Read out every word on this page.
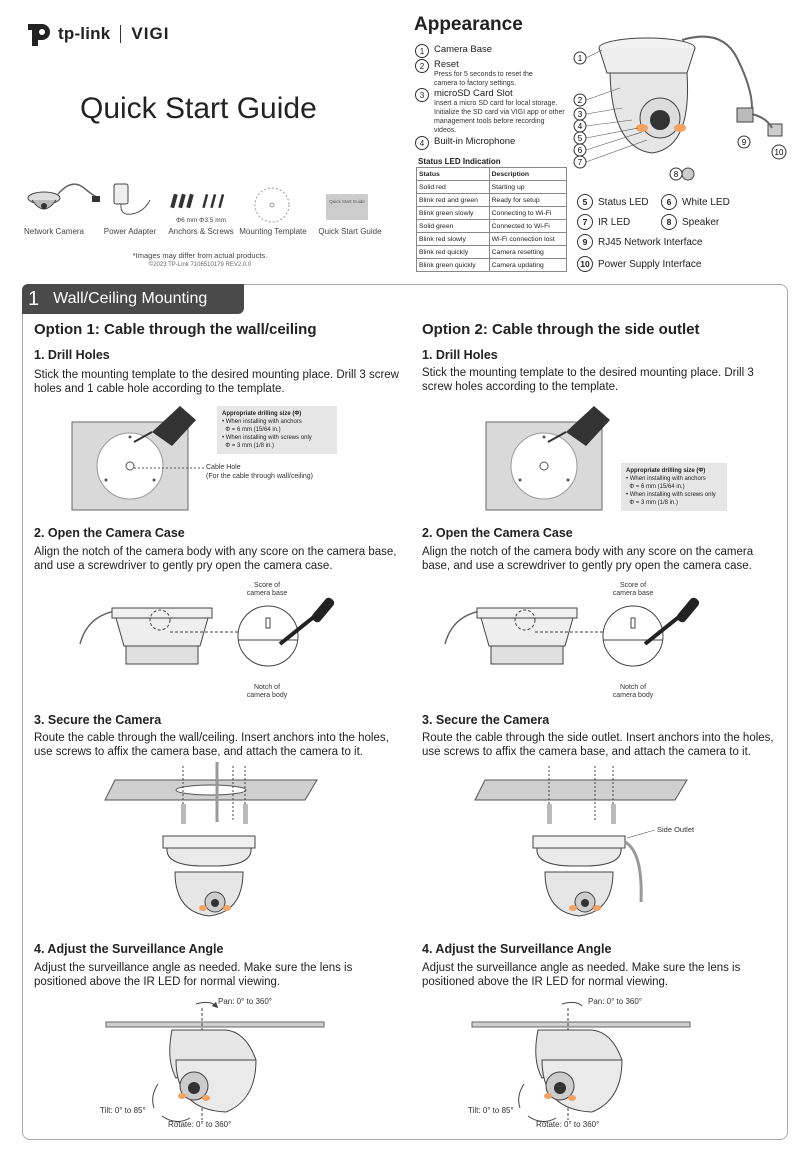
tp-link VIGI
Quick Start Guide
Network Camera	Power Adapter
Φ6 mm Φ3.5 mm
Anchors & Screws Mounting Template
Quick Start Guide
Quick Start Guide
*Images may differ from actual products.
©2023 TP-Link 7106510179 REV2.0.0
Appearance
1	Camera Base
2	Reset
Press for 5 seconds to reset the camera to factory settings.
3	microSD Card Slot
Insert a micro SD card for local storage. Initialize the SD card via VIGI app or other management tools before recording videos.
4	Built-in Microphone
Status LED Indication
Status	Description
Solid red	Starting up
Blink red and green	Ready for setup
Blink green slowly	Connecting to Wi-Fi
Solid green	Connected to Wi-Fi
Blink red slowly	Wi-Fi connection lost
Blink red quickly	Camera resetting
Blink green quickly	Camera updating
1
2
3
4
5
6
7
8
9
10
5	Status LED	6	White LED
7	IR LED	8	Speaker
9	RJ45 Network Interface
10 Power Supply Interface
1 Wall/Ceiling Mounting
Option 1: Cable through the wall/ceiling
1. Drill Holes
Stick the mounting template to the desired mounting place. Drill 3 screw holes and 1 cable hole according to the template.
Appropriate drilling size (Φ)
• When installing with anchors
Φ = 6 mm (15/64 in.)
• When installing with screws only
Φ = 3 mm (1/8 in.)
Cable Hole
(For the cable through wall/ceiling)
2. Open the Camera Case
Align the notch of the camera body with any score on the camera base, and use a screwdriver to gently pry open the camera case.
Score of
camera base
Notch of
camera body
3. Secure the Camera
Route the cable through the wall/ceiling. Insert anchors into the holes, use screws to affix the camera base, and attach the camera to it.
4. Adjust the Surveillance Angle
Adjust the surveillance angle as needed. Make sure the lens is positioned above the IR LED for normal viewing.
Pan: 0° to 360°
Tilt: 0° to 85°
Rotate: 0° to 360°
Option 2: Cable through the side outlet
1. Drill Holes
Stick the mounting template to the desired mounting place. Drill 3 screw holes according to the template.
Appropriate drilling size (Φ)
• When installing with anchors
Φ = 6 mm (15/64 in.)
• When installing with screws only
Φ = 3 mm (1/8 in.)
2. Open the Camera Case
Align the notch of the camera body with any score on the camera base, and use a screwdriver to gently pry open the camera case.
Score of
camera base
Notch of
camera body
3. Secure the Camera
Route the cable through the side outlet. Insert anchors into the holes, use screws to affix the camera base, and attach the camera to it.
Side Outlet
4. Adjust the Surveillance Angle
Adjust the surveillance angle as needed. Make sure the lens is positioned above the IR LED for normal viewing.
Pan: 0° to 360°
Tilt: 0° to 85°
Rotate: 0° to 360°
